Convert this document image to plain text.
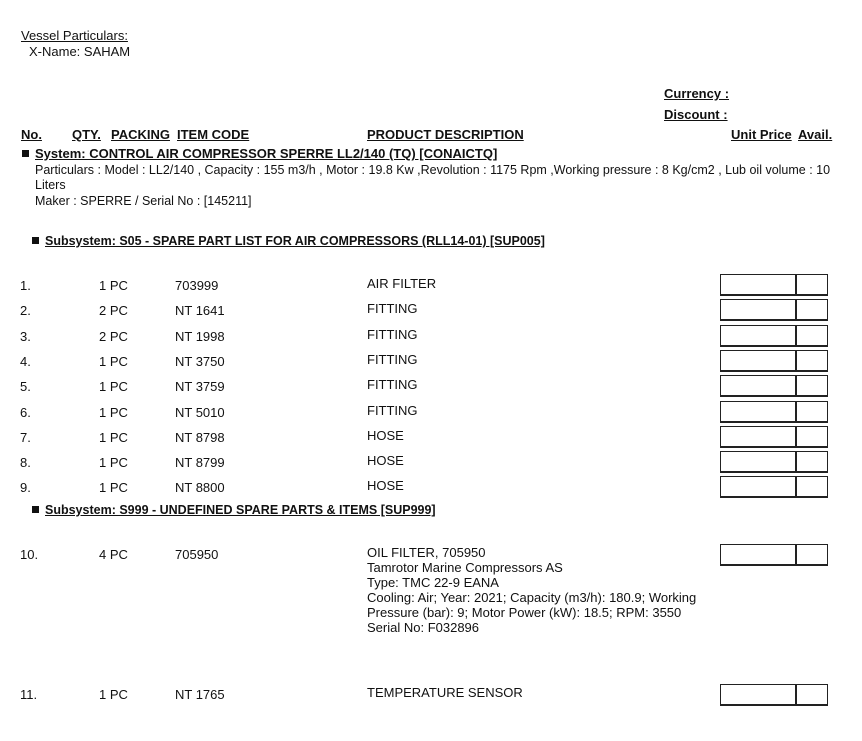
Vessel Particulars:
X-Name: SAHAM
Currency :
Discount :
No. QTY. PACKING ITEM CODE	PRODUCT DESCRIPTION	Unit Price Avail.
System: CONTROL AIR COMPRESSOR SPERRE LL2/140 (TQ) [CONAICTQ]
Particulars : Model : LL2/140 , Capacity : 155 m3/h , Motor : 19.8 Kw ,Revolution : 1175 Rpm ,Working pressure : 8 Kg/cm2 , Lub oil volume : 10 Liters
Maker : SPERRE / Serial No : [145211]
Subsystem: S05 - SPARE PART LIST FOR AIR COMPRESSORS (RLL14-01) [SUP005]
1.	1 PC	703999	AIR FILTER
2.	2 PC	NT 1641	FITTING
3.	2 PC	NT 1998	FITTING
4.	1 PC	NT 3750	FITTING
5.	1 PC	NT 3759	FITTING
6.	1 PC	NT 5010	FITTING
7.	1 PC	NT 8798	HOSE
8.	1 PC	NT 8799	HOSE
9.	1 PC	NT 8800	HOSE
Subsystem: S999 - UNDEFINED SPARE PARTS & ITEMS [SUP999]
10.	4 PC	705950	OIL FILTER, 705950
Tamrotor Marine Compressors AS
Type: TMC 22-9 EANA
Cooling: Air; Year: 2021; Capacity (m3/h): 180.9; Working
Pressure (bar): 9; Motor Power (kW): 18.5; RPM: 3550
Serial No: F032896
11.	1 PC	NT 1765	TEMPERATURE SENSOR
